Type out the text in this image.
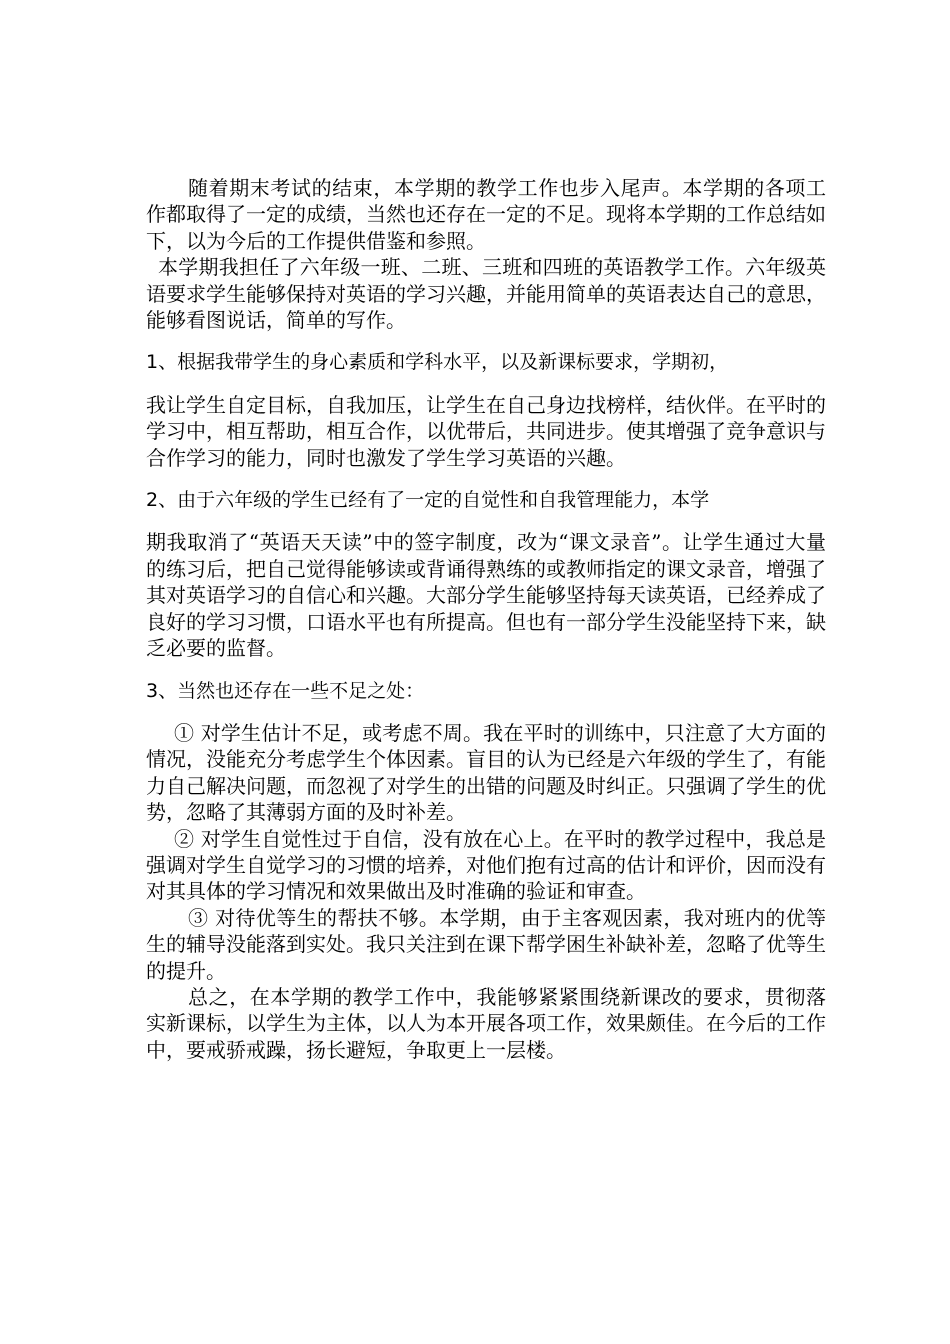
随着期末考试的结束，本学期的教学工作也步入尾声。本学期的各项工作都取得了一定的成绩，当然也还存在一定的不足。现将本学期的工作总结如下，以为今后的工作提供借鉴和参照。

本学期我担任了六年级一班、二班、三班和四班的英语教学工作。六年级英语要求学生能够保持对英语的学习兴趣，并能用简单的英语表达自己的意思，能够看图说话，简单的写作。

1、根据我带学生的身心素质和学科水平，以及新课标要求，学期初，

我让学生自定目标，自我加压，让学生在自己身边找榜样，结伙伴。在平时的学习中，相互帮助，相互合作，以优带后，共同进步。使其增强了竞争意识与合作学习的能力，同时也激发了学生学习英语的兴趣。

2、由于六年级的学生已经有了一定的自觉性和自我管理能力，本学

期我取消了“英语天天读”中的签字制度，改为“课文录音”。让学生通过大量的练习后，把自己觉得能够读或背诵得熟练的或教师指定的课文录音，增强了其对英语学习的自信心和兴趣。大部分学生能够坚持每天读英语，已经养成了良好的学习习惯，口语水平也有所提高。但也有一部分学生没能坚持下来，缺乏必要的监督。

3、当然也还存在一些不足之处：

① 对学生估计不足，或考虑不周。我在平时的训练中，只注意了大方面的情况，没能充分考虑学生个体因素。盲目的认为已经是六年级的学生了，有能力自己解决问题，而忽视了对学生的出错的问题及时纠正。只强调了学生的优势，忽略了其薄弱方面的及时补差。

② 对学生自觉性过于自信，没有放在心上。在平时的教学过程中，我总是强调对学生自觉学习的习惯的培养，对他们抱有过高的估计和评价，因而没有对其具体的学习情况和效果做出及时准确的验证和审查。

③ 对待优等生的帮扶不够。本学期，由于主客观因素，我对班内的优等生的辅导没能落到实处。我只关注到在课下帮学困生补缺补差，忽略了优等生的提升。

总之，在本学期的教学工作中，我能够紧紧围绕新课改的要求，贯彻落实新课标，以学生为主体，以人为本开展各项工作，效果颇佳。在今后的工作中，要戒骄戒躁，扬长避短，争取更上一层楼。
